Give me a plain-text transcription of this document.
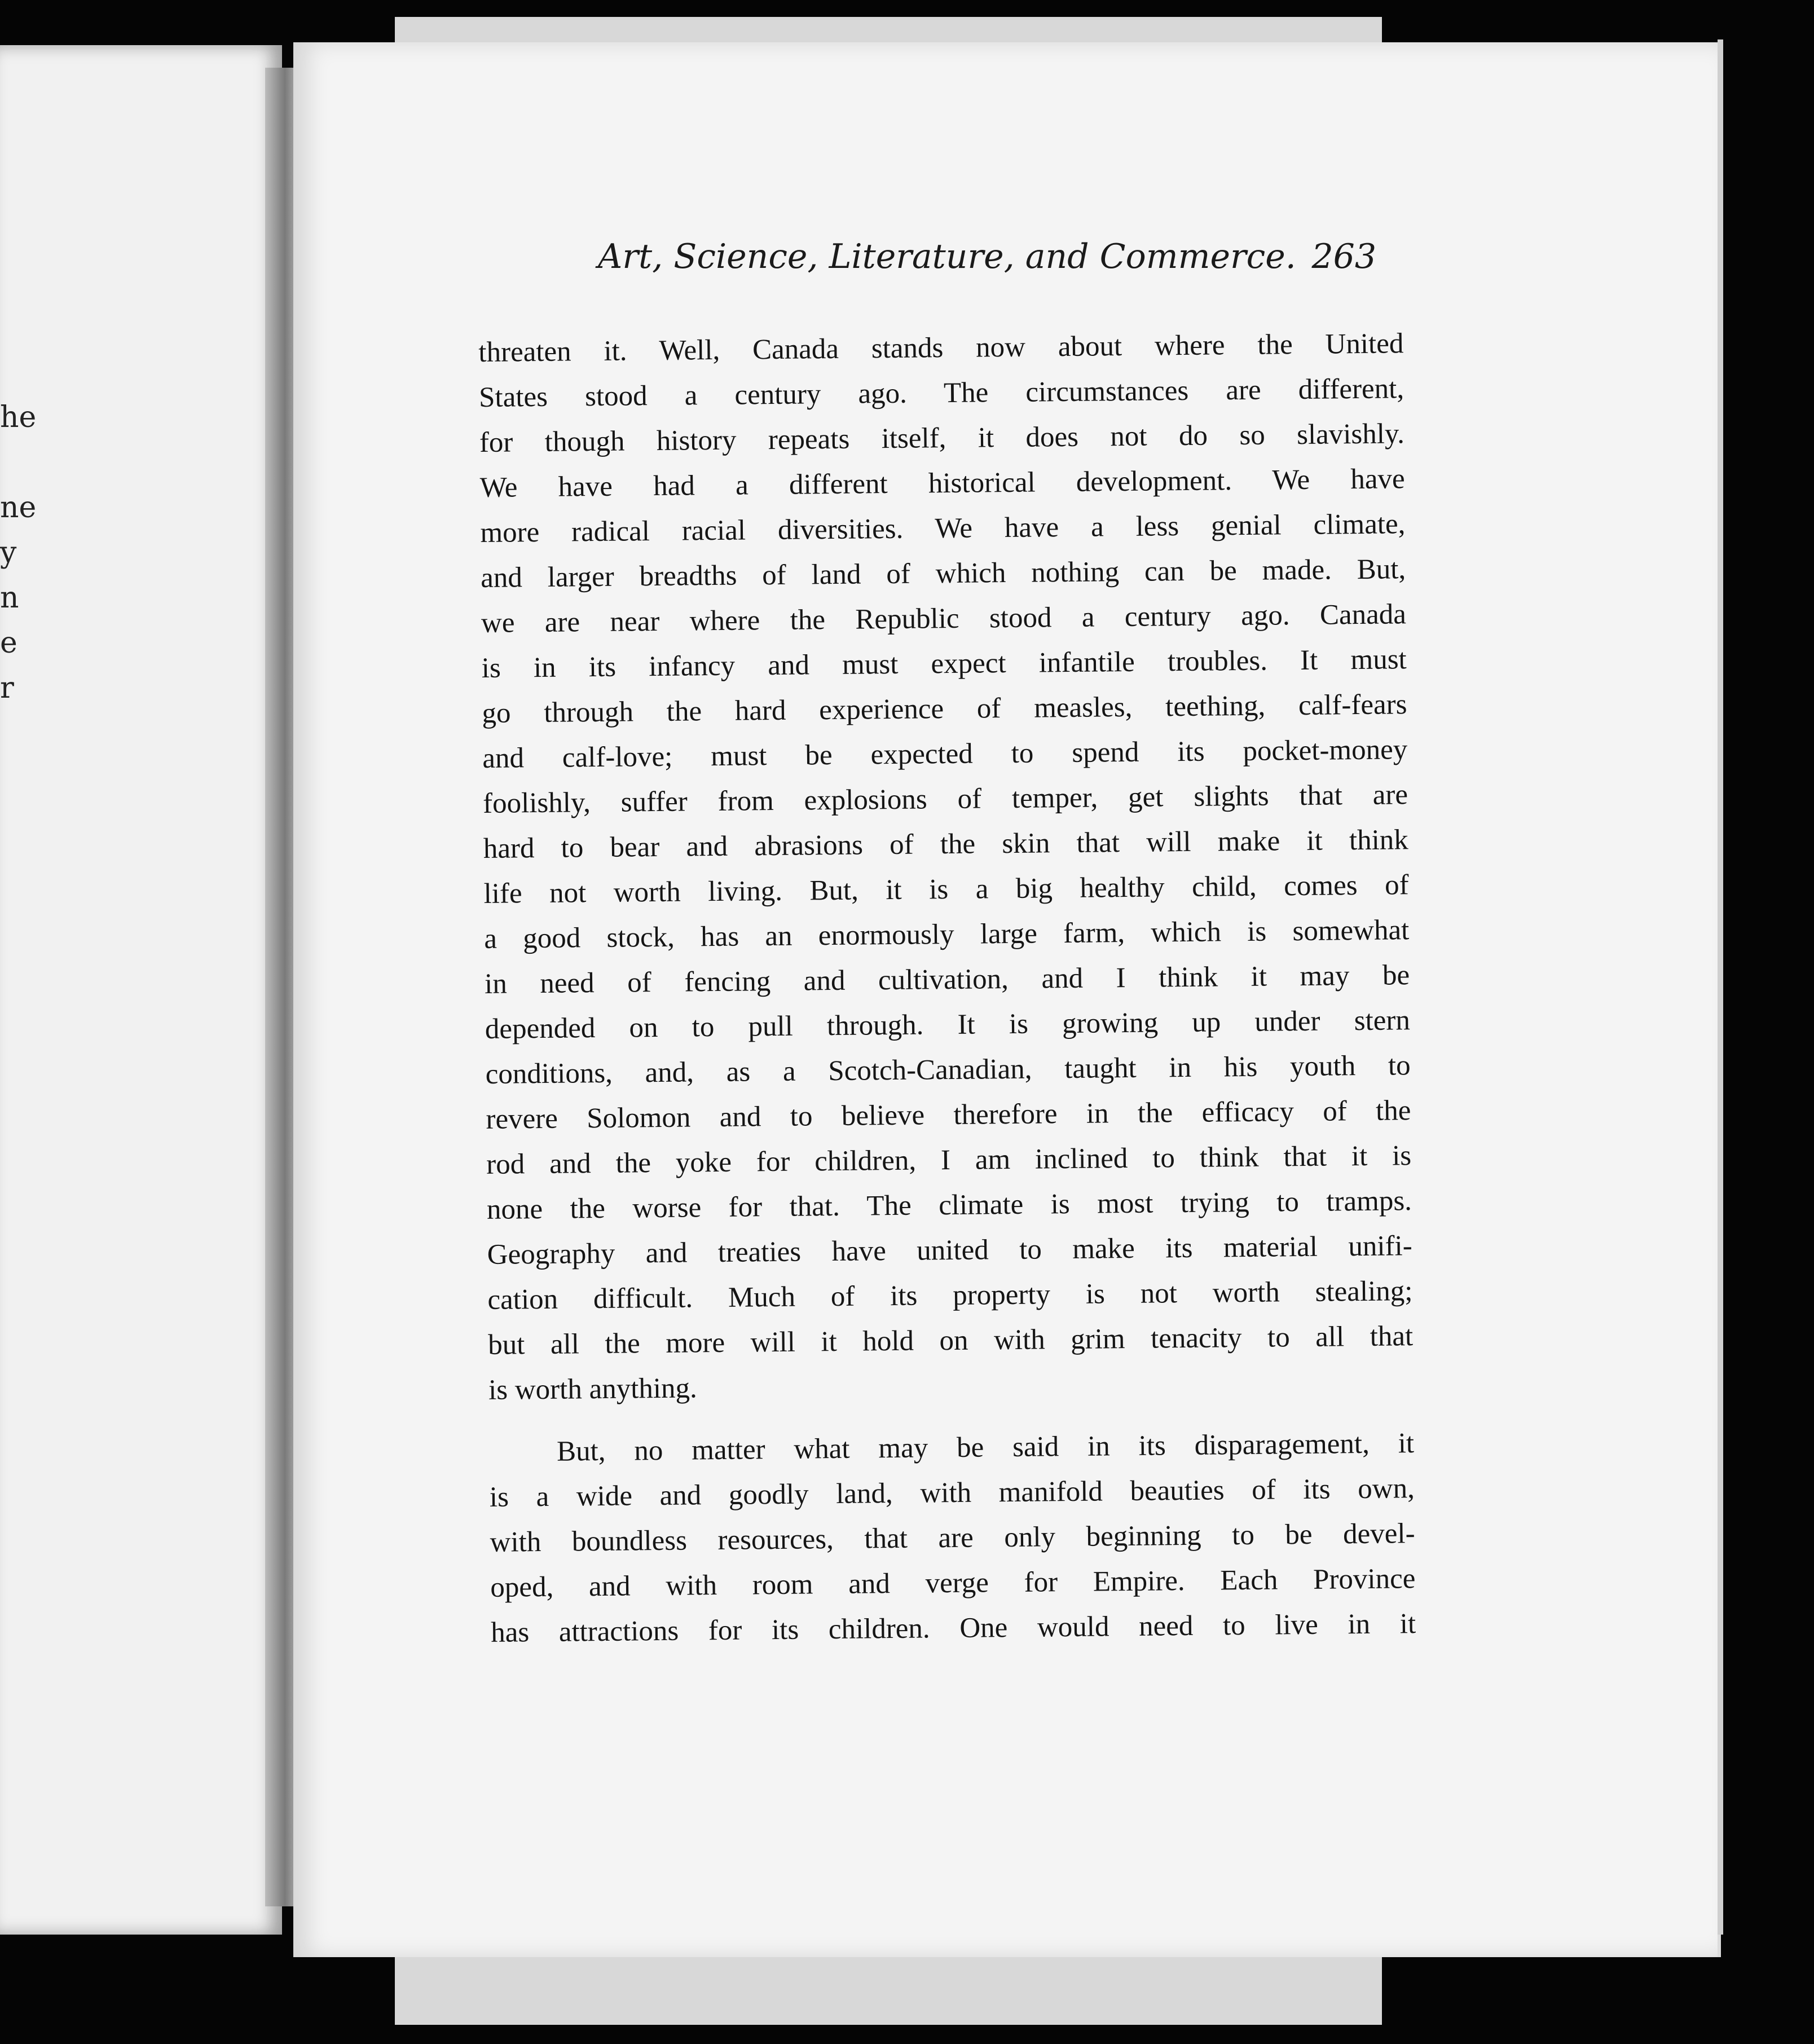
he
ne
y
n
e
r
Art, Science, Literature, and Commerce. 263
threaten it. Well, Canada stands now about where the United
States stood a century ago. The circumstances are different,
for though history repeats itself, it does not do so slavishly.
We have had a different historical development. We have
more radical racial diversities. We have a less genial climate,
and larger breadths of land of which nothing can be made. But,
we are near where the Republic stood a century ago. Canada
is in its infancy and must expect infantile troubles. It must
go through the hard experience of measles, teething, calf-fears
and calf-love; must be expected to spend its pocket-money
foolishly, suffer from explosions of temper, get slights that are
hard to bear and abrasions of the skin that will make it think
life not worth living. But, it is a big healthy child, comes of
a good stock, has an enormously large farm, which is somewhat
in need of fencing and cultivation, and I think it may be
depended on to pull through. It is growing up under stern
conditions, and, as a Scotch-Canadian, taught in his youth to
revere Solomon and to believe therefore in the efficacy of the
rod and the yoke for children, I am inclined to think that it is
none the worse for that. The climate is most trying to tramps.
Geography and treaties have united to make its material unifi-
cation difficult. Much of its property is not worth stealing;
but all the more will it hold on with grim tenacity to all that
is worth anything.
But, no matter what may be said in its disparagement, it
is a wide and goodly land, with manifold beauties of its own,
with boundless resources, that are only beginning to be devel-
oped, and with room and verge for Empire. Each Province
has attractions for its children. One would need to live in it
